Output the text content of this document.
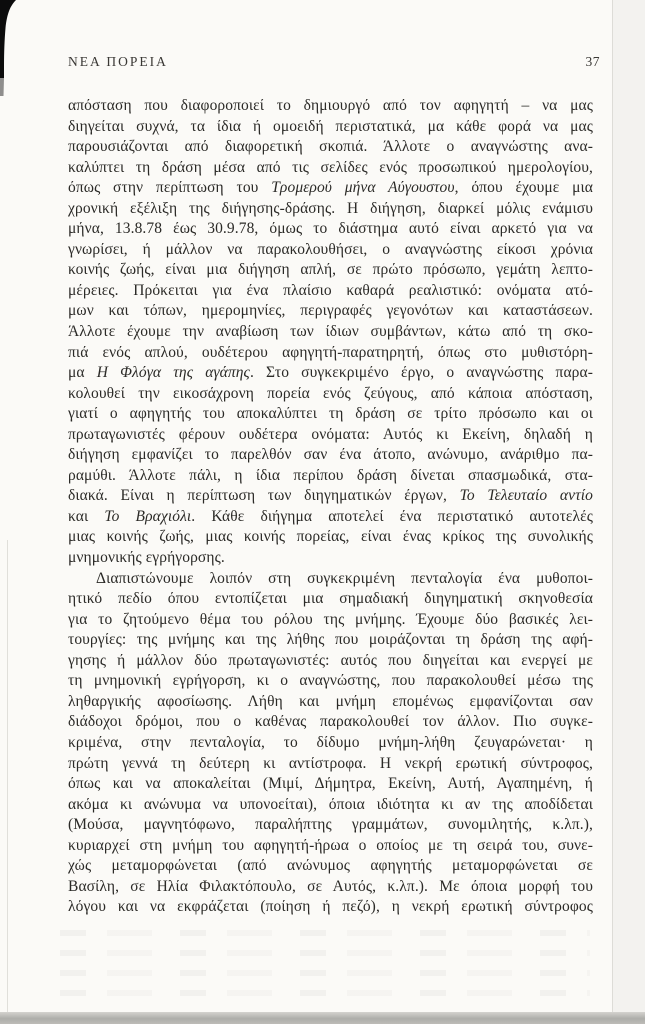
ΝΕΑ ΠΟΡΕΙΑ	37
απόσταση που διαφοροποιεί το δημιουργό από τον αφηγητή – να μας
διηγείται συχνά, τα ίδια ή ομοειδή περιστατικά, μα κάθε φορά να μας
παρουσιάζονται από διαφορετική σκοπιά. Άλλοτε ο αναγνώστης ανα-
καλύπτει τη δράση μέσα από τις σελίδες ενός προσωπικού ημερολογίου,
όπως στην περίπτωση του Τρομερού μήνα Αύγουστου, όπου έχουμε μια
χρονική εξέλιξη της διήγησης-δράσης. Η διήγηση, διαρκεί μόλις ενάμισυ
μήνα, 13.8.78 έως 30.9.78, όμως το διάστημα αυτό είναι αρκετό για να
γνωρίσει, ή μάλλον να παρακολουθήσει, ο αναγνώστης είκοσι χρόνια
κοινής ζωής, είναι μια διήγηση απλή, σε πρώτο πρόσωπο, γεμάτη λεπτο-
μέρειες. Πρόκειται για ένα πλαίσιο καθαρά ρεαλιστικό: ονόματα ατό-
μων και τόπων, ημερομηνίες, περιγραφές γεγονότων και καταστάσεων.
Άλλοτε έχουμε την αναβίωση των ίδιων συμβάντων, κάτω από τη σκο-
πιά ενός απλού, ουδέτερου αφηγητή-παρατηρητή, όπως στο μυθιστόρη-
μα Η Φλόγα της αγάπης. Στο συγκεκριμένο έργο, ο αναγνώστης παρα-
κολουθεί την εικοσάχρονη πορεία ενός ζεύγους, από κάποια απόσταση,
γιατί ο αφηγητής του αποκαλύπτει τη δράση σε τρίτο πρόσωπο και οι
πρωταγωνιστές φέρουν ουδέτερα ονόματα: Αυτός κι Εκείνη, δηλαδή η
διήγηση εμφανίζει το παρελθόν σαν ένα άτοπο, ανώνυμο, ανάριθμο πα-
ραμύθι. Άλλοτε πάλι, η ίδια περίπου δράση δίνεται σπασμωδικά, στα-
διακά. Είναι η περίπτωση των διηγηματικών έργων, Το Τελευταίο αντίο
και Το Βραχιόλι. Κάθε διήγημα αποτελεί ένα περιστατικό αυτοτελές
μιας κοινής ζωής, μιας κοινής πορείας, είναι ένας κρίκος της συνολικής
μνημονικής εγρήγορσης.
Διαπιστώνουμε λοιπόν στη συγκεκριμένη πενταλογία ένα μυθοποι-
ητικό πεδίο όπου εντοπίζεται μια σημαδιακή διηγηματική σκηνοθεσία
για το ζητούμενο θέμα του ρόλου της μνήμης. Έχουμε δύο βασικές λει-
τουργίες: της μνήμης και της λήθης που μοιράζονται τη δράση της αφή-
γησης ή μάλλον δύο πρωταγωνιστές: αυτός που διηγείται και ενεργεί με
τη μνημονική εγρήγορση, κι ο αναγνώστης, που παρακολουθεί μέσω της
ληθαργικής αφοσίωσης. Λήθη και μνήμη επομένως εμφανίζονται σαν
διάδοχοι δρόμοι, που ο καθένας παρακολουθεί τον άλλον. Πιο συγκε-
κριμένα, στην πενταλογία, το δίδυμο μνήμη-λήθη ζευγαρώνεται· η
πρώτη γεννά τη δεύτερη κι αντίστροφα. Η νεκρή ερωτική σύντροφος,
όπως και να αποκαλείται (Μιμί, Δήμητρα, Εκείνη, Αυτή, Αγαπημένη, ή
ακόμα κι ανώνυμα να υπονοείται), όποια ιδιότητα κι αν της αποδίδεται
(Μούσα, μαγνητόφωνο, παραλήπτης γραμμάτων, συνομιλητής, κ.λπ.),
κυριαρχεί στη μνήμη του αφηγητή-ήρωα ο οποίος με τη σειρά του, συνε-
χώς μεταμορφώνεται (από ανώνυμος αφηγητής μεταμορφώνεται σε
Βασίλη, σε Ηλία Φιλακτόπουλο, σε Αυτός, κ.λπ.). Με όποια μορφή του
λόγου και να εκφράζεται (ποίηση ή πεζό), η νεκρή ερωτική σύντροφος
